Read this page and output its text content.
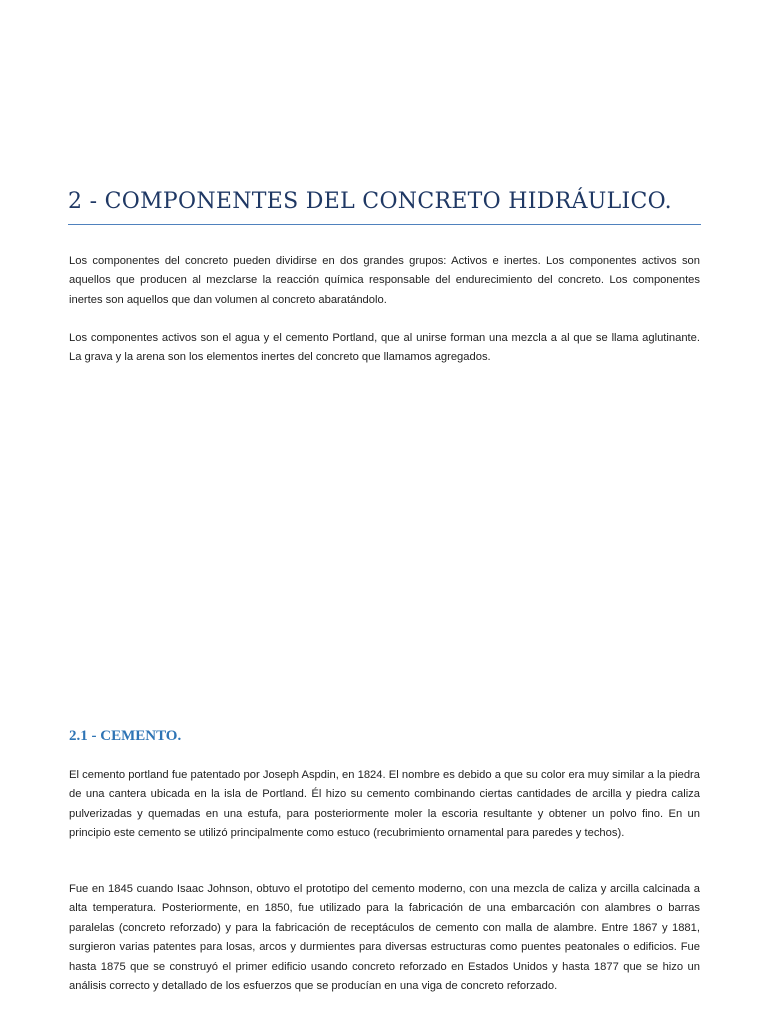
2 - COMPONENTES DEL CONCRETO HIDRÁULICO.

Los componentes del concreto pueden dividirse en dos grandes grupos: Activos e inertes. Los componentes activos son aquellos que producen al mezclarse la reacción química responsable del endurecimiento del concreto. Los componentes inertes son aquellos que dan volumen al concreto abaratándolo.

Los componentes activos son el agua y el cemento Portland, que al unirse forman una mezcla a al que se llama aglutinante. La grava y la arena son los elementos inertes del concreto que llamamos agregados.

2.1 - CEMENTO.

El cemento portland fue patentado por Joseph Aspdin, en 1824. El nombre es debido a que su color era muy similar a la piedra de una cantera ubicada en la isla de Portland. Él hizo su cemento combinando ciertas cantidades de arcilla y piedra caliza pulverizadas y quemadas en una estufa, para posteriormente moler la escoria resultante y obtener un polvo fino. En un principio este cemento se utilizó principalmente como estuco (recubrimiento ornamental para paredes y techos).

Fue en 1845 cuando Isaac Johnson, obtuvo el prototipo del cemento moderno, con una mezcla de caliza y arcilla calcinada a alta temperatura. Posteriormente, en 1850, fue utilizado para la fabricación de una embarcación con alambres o barras paralelas (concreto reforzado) y para la fabricación de receptáculos de cemento con malla de alambre. Entre 1867 y 1881, surgieron varias patentes para losas, arcos y durmientes para diversas estructuras como puentes peatonales o edificios. Fue hasta 1875 que se construyó el primer edificio usando concreto reforzado en Estados Unidos y hasta 1877 que se hizo un análisis correcto y detallado de los esfuerzos que se producían en una viga de concreto reforzado.
